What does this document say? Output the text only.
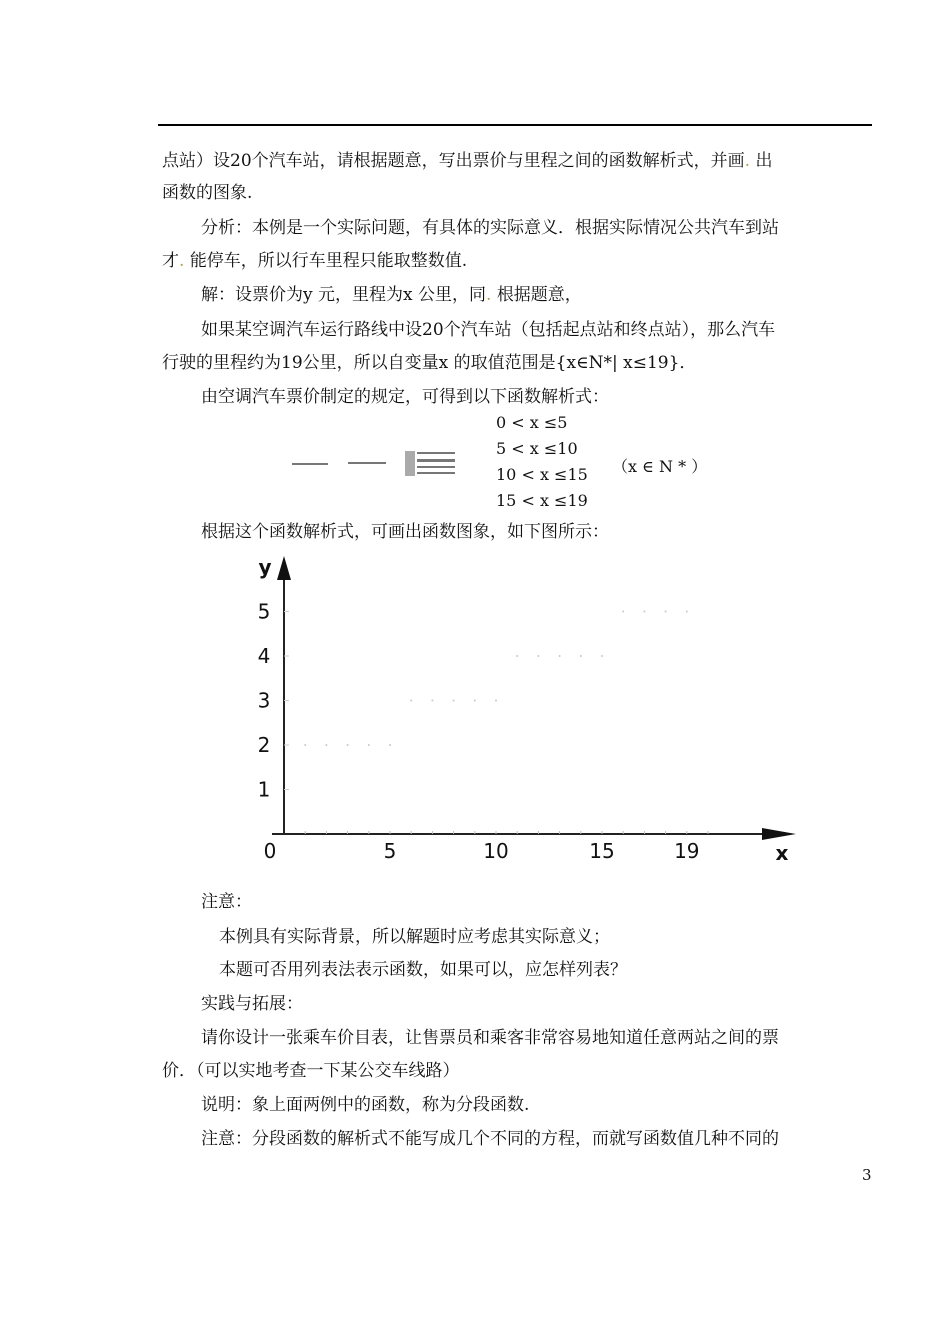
点站）设20个汽车站，请根据题意，写出票价与里程之间的函数解析式，并画. 出
函数的图象.
分析：本例是一个实际问题，有具体的实际意义．根据实际情况公共汽车到站
才. 能停车，所以行车里程只能取整数值.
解：设票价为y 元，里程为x 公里，同. 根据题意，
如果某空调汽车运行路线中设20个汽车站（包括起点站和终点站），那么汽车
行驶的里程约为19公里，所以自变量x 的取值范围是{x∈N*| x≤19}．
由空调汽车票价制定的规定，可得到以下函数解析式：
0 < x ≤5
5 < x ≤10
10 < x ≤15
15 < x ≤19
（x ∈ N * ）
根据这个函数解析式，可画出函数图象，如下图所示：
0	5	10	15	19
1
2
3
4
5
x
y
注意：
本例具有实际背景，所以解题时应考虑其实际意义；
本题可否用列表法表示函数，如果可以，应怎样列表？
实践与拓展：
请你设计一张乘车价目表，让售票员和乘客非常容易地知道任意两站之间的票
价．（可以实地考查一下某公交车线路）
说明：象上面两例中的函数，称为分段函数.
注意：分段函数的解析式不能写成几个不同的方程，而就写函数值几种不同的
3
